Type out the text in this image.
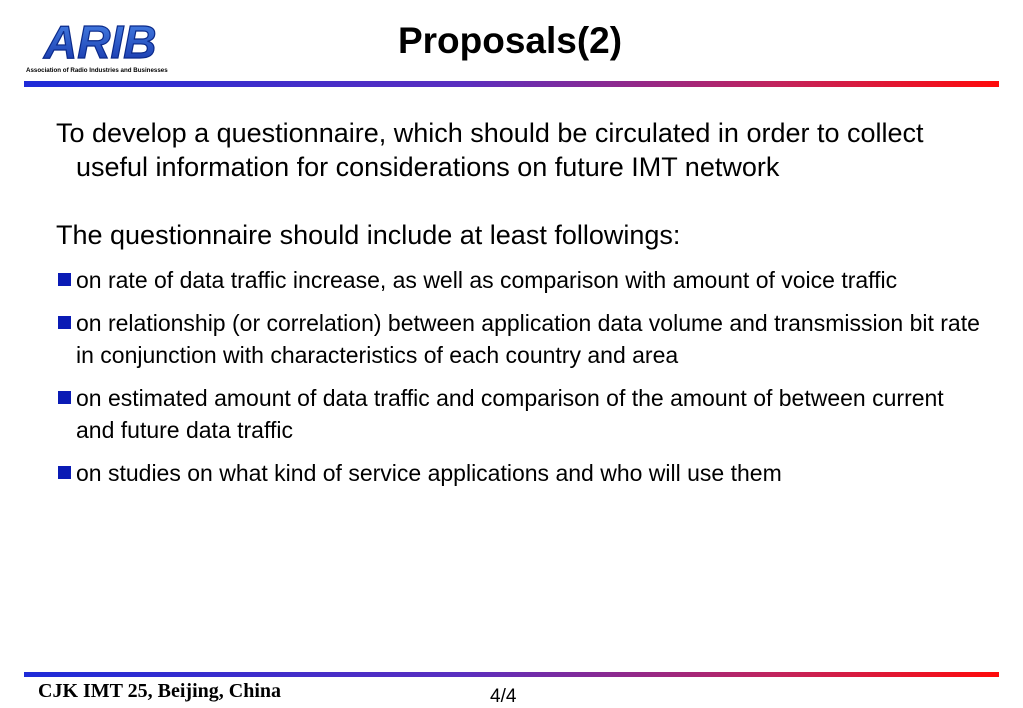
ARIB
Association of Radio Industries and Businesses
Proposals(2)

To develop a questionnaire, which should be circulated in order to collect useful information for considerations on future IMT network

The questionnaire should include at least followings:

on rate of data traffic increase, as well as comparison with amount of voice traffic
on relationship (or correlation) between application data volume and transmission bit rate in conjunction with characteristics of each country and area
on estimated amount of data traffic and comparison of the amount of between current and future data traffic
on studies on what kind of service applications and who will use them
CJK IMT 25, Beijing, China	4/4
